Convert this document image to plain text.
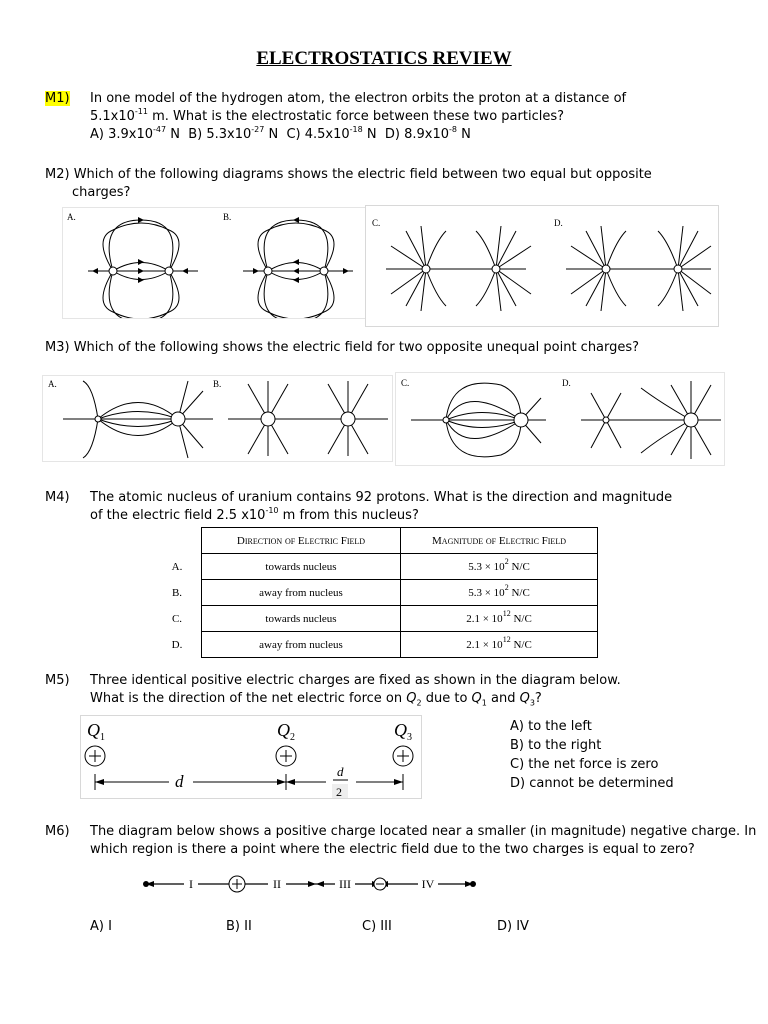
ELECTROSTATICS REVIEW
M1) In one model of the hydrogen atom, the electron orbits the proton at a distance of
$5.1x10^{-11}$ m. What is the electrostatic force between these two particles?
A) $3.9x10^{-47}$ N  B) $5.3x10^{-27}$ N  C) $4.5x10^{-18}$ N  D) $8.9x10^{-8}$ N
M2) Which of the following diagrams shows the electric field between two equal but opposite
charges?
A.	B.
C.	D.
M3) Which of the following shows the electric field for two opposite unequal point charges?
A.	B.	C.	D.
M4) The atomic nucleus of uranium contains 92 protons. What is the direction and magnitude
of the electric field 2.5 $x10^{-10}$ m from this nucleus?
	Direction of Electric Field	Magnitude of Electric Field
A.	towards nucleus	$5.3 \times 10^2$ N/C
B.	away from nucleus	$5.3 \times 10^2$ N/C
C.	towards nucleus	$2.1 \times 10^{12}$ N/C
D.	away from nucleus	$2.1 \times 10^{12}$ N/C
M5) Three identical positive electric charges are fixed as shown in the diagram below.
What is the direction of the net electric force on $Q_2$ due to $Q_1$ and $Q_3$?
$Q_1$	$Q_2$	$Q_3$
d
d
2
A) to the left
B) to the right
C) the net force is zero
D) cannot be determined
M6) The diagram below shows a positive charge located near a smaller (in magnitude) negative charge. In
which region is there a point where the electric field due to the two charges is equal to zero?
I	II	III	IV
A) I	B) II	C) III	D) IV
